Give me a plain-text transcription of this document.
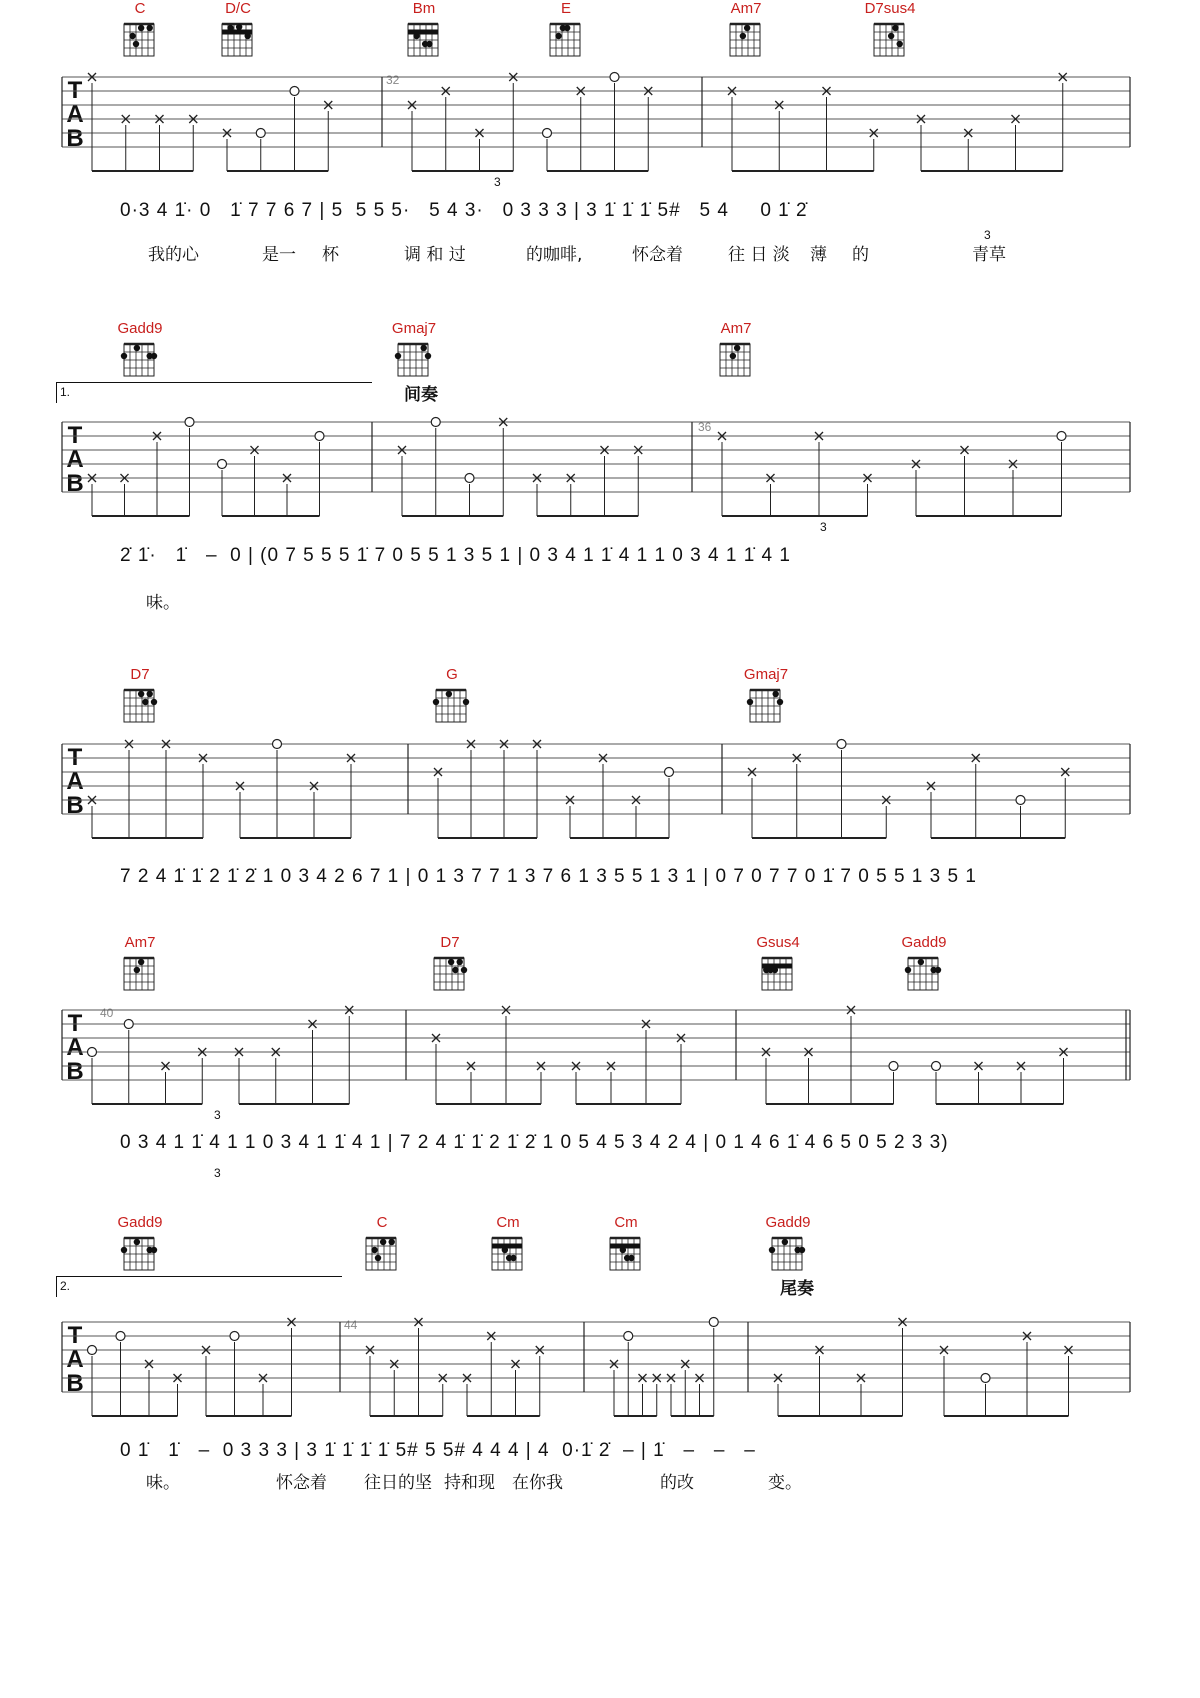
C	D/C	Bm	E	Am7	D7sus4
T
A
B
32
3
3
0·3 4 1̇· 0   1̇ 7 7 6 7 | 5  5 5 5·   5 4 3·   0 3 3 3 | 3 1̇ 1̇ 1̇ 5#   5 4     0 1̇ 2̇
我的心	是一 杯	调 和 过	的咖啡,	怀念着	往 日 淡 薄 的	青草
Gadd9	Gmaj7	Am7
1.	间奏
T
A
B
36
3
2̇ 1̇·   1̇   –  0 | (0 7 5 5 5 1̇ 7 0 5 5 1 3 5 1 | 0 3 4 1 1̇ 4 1 1 0 3 4 1 1̇ 4 1
味。
D7	G	Gmaj7
T
A
B
7 2 4 1̇ 1̇ 2 1̇ 2̇ 1 0 3 4 2 6 7 1 | 0 1 3 7 7 1 3 7 6 1 3 5 5 1 3 1 | 0 7 0 7 7 0 1̇ 7 0 5 5 1 3 5 1
Am7	D7	Gsus4	Gadd9
T
A
B
40
3
3
0 3 4 1 1̇ 4 1 1 0 3 4 1 1̇ 4 1 | 7 2 4 1̇ 1̇ 2 1̇ 2̇ 1 0 5 4 5 3 4 2 4 | 0 1 4 6 1̇ 4 6 5 0 5 2 3 3)
Gadd9	C	Cm	Cm	Gadd9
2.	尾奏
T
A
B
44
0 1̇   1̇   –  0 3 3 3 | 3 1̇ 1̇ 1̇ 1̇ 5# 5 5# 4 4 4 | 4  0·1̇ 2̇  – | 1̇   –   –   –
味。	怀念着 往日的坚 持和现 在你我	的改	变。
